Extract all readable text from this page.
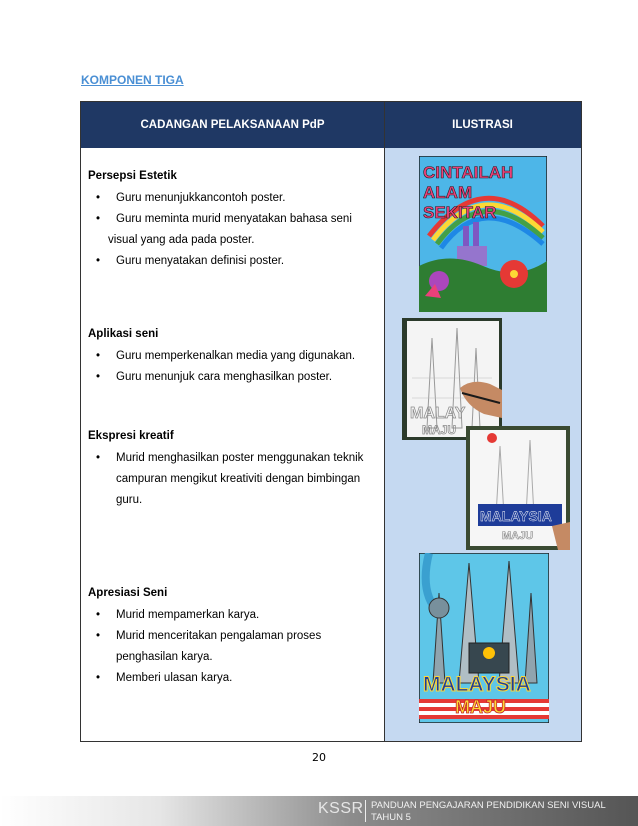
KOMPONEN TIGA
CADANGAN PELAKSANAAN PdP	ILUSTRASI
Persepsi Estetik
• Guru menunjukkancontoh poster.
• Guru meminta murid menyatakan bahasa seni
visual yang ada pada poster.
• Guru menyatakan definisi poster.
Aplikasi seni
• Guru memperkenalkan media yang digunakan.
• Guru menunjuk cara menghasilkan poster.
Ekspresi kreatif
• Murid menghasilkan poster menggunakan teknik
campuran mengikut kreativiti dengan bimbingan
guru.
Apresiasi Seni
• Murid mempamerkan karya.
• Murid menceritakan pengalaman proses
penghasilan karya.
• Memberi ulasan karya.
CINTAILAH
ALAM
SEKITAR
MALAY
MAJU
MALAYSIA
MAJU
MALAYSIA
MAJU
20
KSSR PANDUAN PENGAJARAN PENDIDIKAN SENI VISUAL
TAHUN 5
